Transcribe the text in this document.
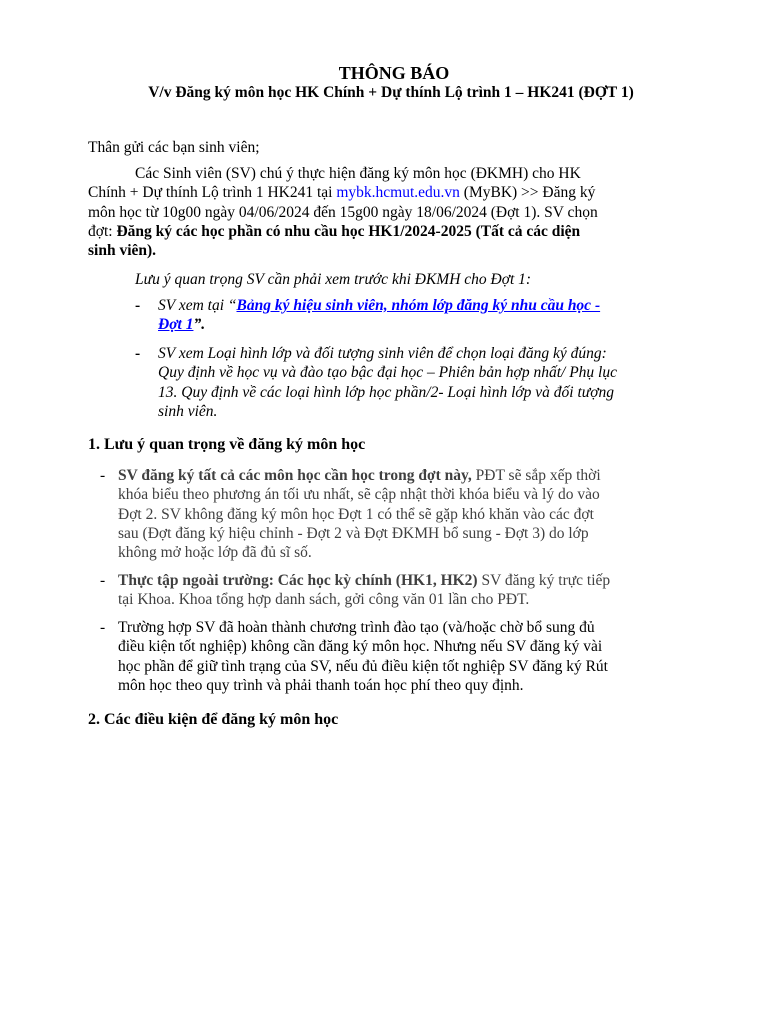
THÔNG BÁO
V/v Đăng ký môn học HK Chính + Dự thính Lộ trình 1 – HK241 (ĐỢT 1)
Thân gửi các bạn sinh viên;
Các Sinh viên (SV) chú ý thực hiện đăng ký môn học (ĐKMH) cho HK
Chính + Dự thính Lộ trình 1 HK241 tại mybk.hcmut.edu.vn (MyBK) >> Đăng ký
môn học từ 10g00 ngày 04/06/2024 đến 15g00 ngày 18/06/2024 (Đợt 1). SV chọn
đợt: Đăng ký các học phần có nhu cầu học HK1/2024-2025 (Tất cả các diện
sinh viên).
Lưu ý quan trọng SV cần phải xem trước khi ĐKMH cho Đợt 1:
- SV xem tại “Bảng ký hiệu sinh viên, nhóm lớp đăng ký nhu cầu học -
Đợt 1”.
- SV xem Loại hình lớp và đối tượng sinh viên để chọn loại đăng ký đúng:
Quy định về học vụ và đào tạo bậc đại học – Phiên bản hợp nhất/ Phụ lục
13. Quy định về các loại hình lớp học phần/2- Loại hình lớp và đối tượng
sinh viên.
1. Lưu ý quan trọng về đăng ký môn học
- SV đăng ký tất cả các môn học cần học trong đợt này, PĐT sẽ sắp xếp thời
khóa biểu theo phương án tối ưu nhất, sẽ cập nhật thời khóa biểu và lý do vào
Đợt 2. SV không đăng ký môn học Đợt 1 có thể sẽ gặp khó khăn vào các đợt
sau (Đợt đăng ký hiệu chỉnh - Đợt 2 và Đợt ĐKMH bổ sung - Đợt 3) do lớp
không mở hoặc lớp đã đủ sĩ số.
- Thực tập ngoài trường: Các học kỳ chính (HK1, HK2) SV đăng ký trực tiếp
tại Khoa. Khoa tổng hợp danh sách, gởi công văn 01 lần cho PĐT.
- Trường hợp SV đã hoàn thành chương trình đào tạo (và/hoặc chờ bổ sung đủ
điều kiện tốt nghiệp) không cần đăng ký môn học. Nhưng nếu SV đăng ký vài
học phần để giữ tình trạng của SV, nếu đủ điều kiện tốt nghiệp SV đăng ký Rút
môn học theo quy trình và phải thanh toán học phí theo quy định.
2. Các điều kiện để đăng ký môn học
